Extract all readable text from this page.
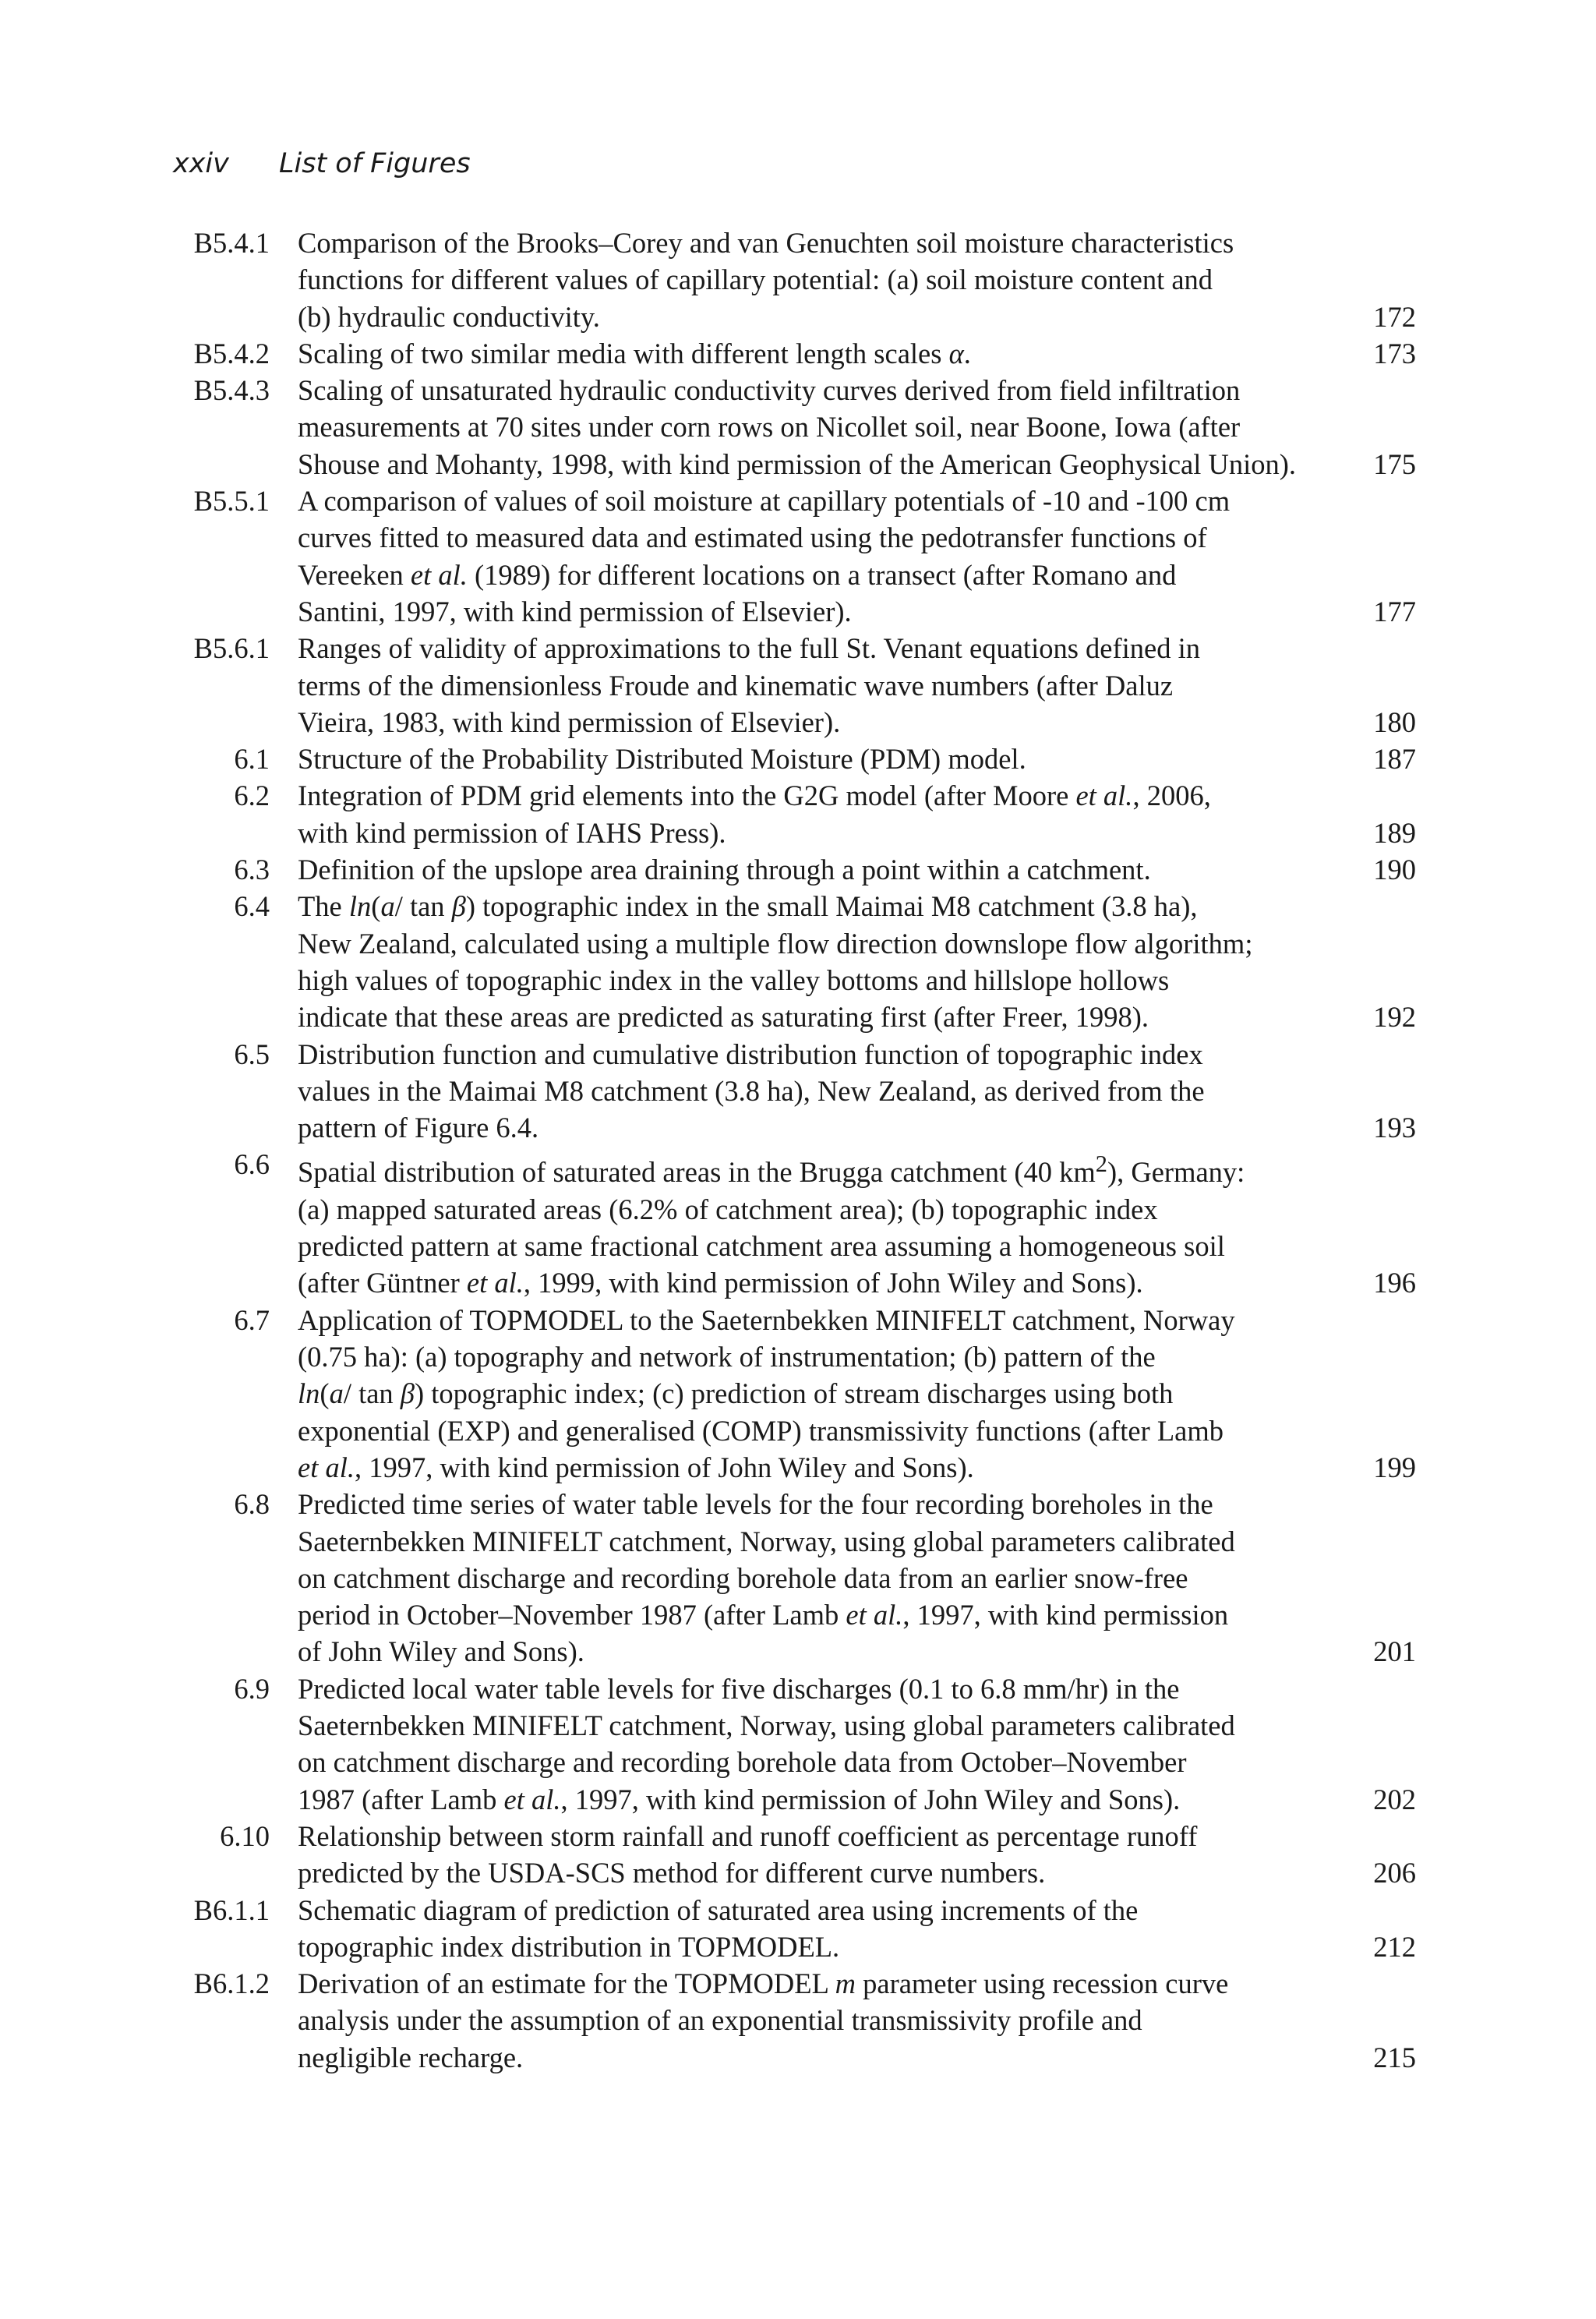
xxiv List of Figures
B5.4.1 Comparison of the Brooks–Corey and van Genuchten soil moisture characteristics
functions for different values of capillary potential: (a) soil moisture content and
(b) hydraulic conductivity.	172
B5.4.2 Scaling of two similar media with different length scales α.	173
B5.4.3 Scaling of unsaturated hydraulic conductivity curves derived from field infiltration
measurements at 70 sites under corn rows on Nicollet soil, near Boone, Iowa (after
Shouse and Mohanty, 1998, with kind permission of the American Geophysical Union).	175
B5.5.1 A comparison of values of soil moisture at capillary potentials of -10 and -100 cm
curves fitted to measured data and estimated using the pedotransfer functions of
Vereeken et al. (1989) for different locations on a transect (after Romano and
Santini, 1997, with kind permission of Elsevier).	177
B5.6.1 Ranges of validity of approximations to the full St. Venant equations defined in
terms of the dimensionless Froude and kinematic wave numbers (after Daluz
Vieira, 1983, with kind permission of Elsevier).	180
6.1 Structure of the Probability Distributed Moisture (PDM) model.	187
6.2 Integration of PDM grid elements into the G2G model (after Moore et al., 2006,
with kind permission of IAHS Press).	189
6.3 Definition of the upslope area draining through a point within a catchment.	190
6.4 The ln(a/ tan β) topographic index in the small Maimai M8 catchment (3.8 ha),
New Zealand, calculated using a multiple flow direction downslope flow algorithm;
high values of topographic index in the valley bottoms and hillslope hollows
indicate that these areas are predicted as saturating first (after Freer, 1998).	192
6.5 Distribution function and cumulative distribution function of topographic index
values in the Maimai M8 catchment (3.8 ha), New Zealand, as derived from the
pattern of Figure 6.4.	193
6.6 Spatial distribution of saturated areas in the Brugga catchment (40 $km^2$), Germany:
(a) mapped saturated areas (6.2% of catchment area); (b) topographic index
predicted pattern at same fractional catchment area assuming a homogeneous soil
(after Güntner et al., 1999, with kind permission of John Wiley and Sons).	196
6.7 Application of TOPMODEL to the Saeternbekken MINIFELT catchment, Norway
(0.75 ha): (a) topography and network of instrumentation; (b) pattern of the
ln(a/ tan β) topographic index; (c) prediction of stream discharges using both
exponential (EXP) and generalised (COMP) transmissivity functions (after Lamb
et al., 1997, with kind permission of John Wiley and Sons).	199
6.8 Predicted time series of water table levels for the four recording boreholes in the
Saeternbekken MINIFELT catchment, Norway, using global parameters calibrated
on catchment discharge and recording borehole data from an earlier snow-free
period in October–November 1987 (after Lamb et al., 1997, with kind permission
of John Wiley and Sons).	201
6.9 Predicted local water table levels for five discharges (0.1 to 6.8 mm/hr) in the
Saeternbekken MINIFELT catchment, Norway, using global parameters calibrated
on catchment discharge and recording borehole data from October–November
1987 (after Lamb et al., 1997, with kind permission of John Wiley and Sons).	202
6.10 Relationship between storm rainfall and runoff coefficient as percentage runoff
predicted by the USDA-SCS method for different curve numbers.	206
B6.1.1 Schematic diagram of prediction of saturated area using increments of the
topographic index distribution in TOPMODEL.	212
B6.1.2 Derivation of an estimate for the TOPMODEL m parameter using recession curve
analysis under the assumption of an exponential transmissivity profile and
negligible recharge.	215
